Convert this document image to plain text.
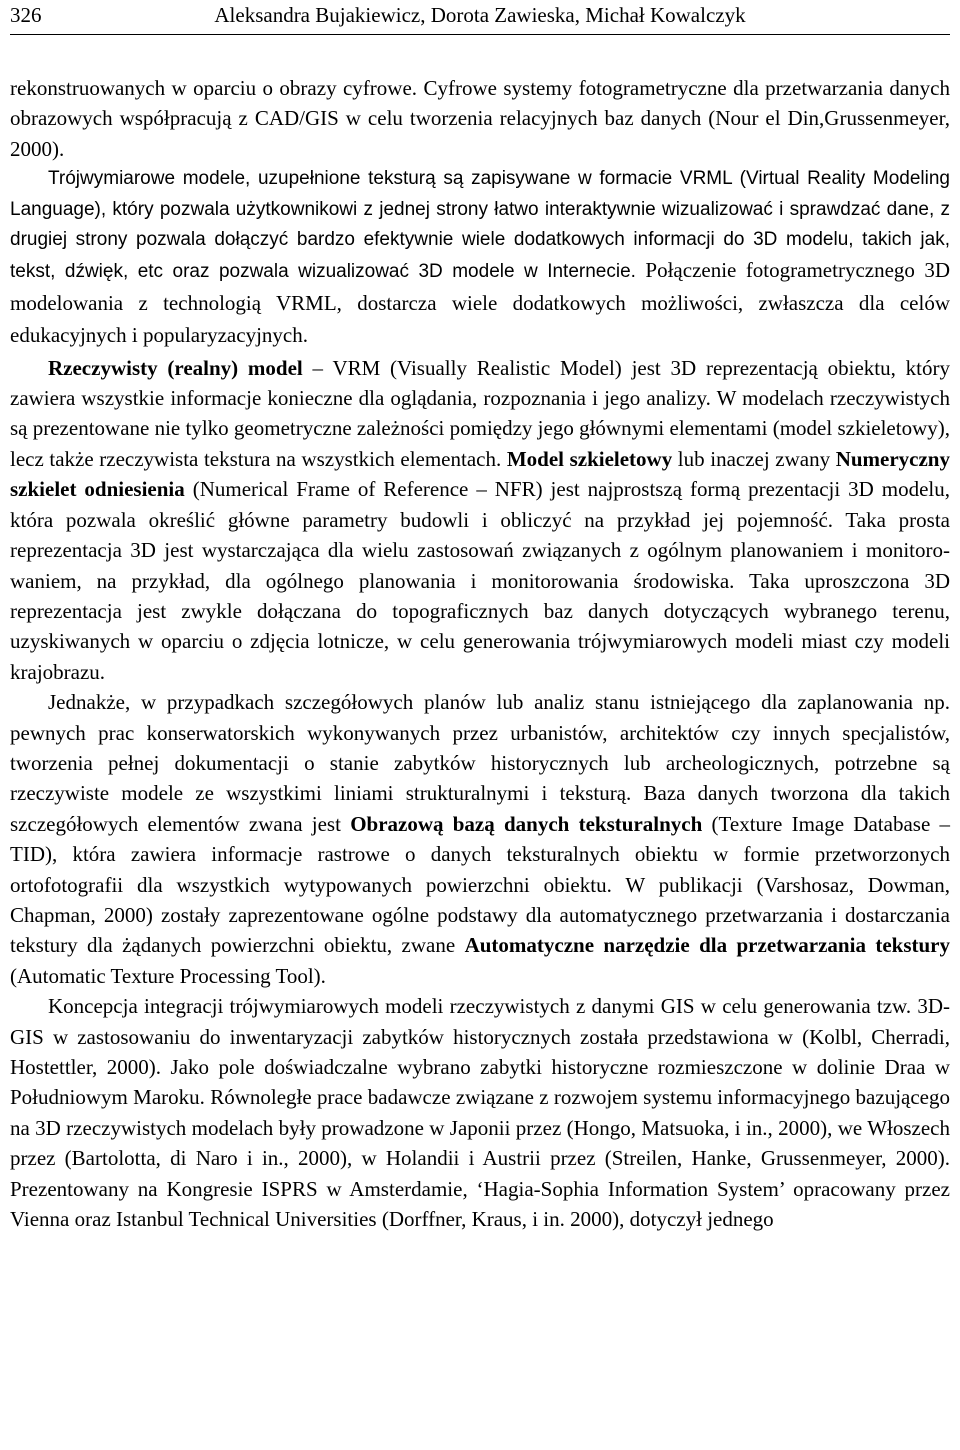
326	Aleksandra Bujakiewicz, Dorota Zawieska, Michał Kowalczyk

rekonstruowanych w oparciu o obrazy cyfrowe. Cyfrowe systemy fotogrametryczne dla przetwarzania danych obrazowych współpracują z CAD/GIS w celu tworzenia relacyjnych baz danych (Nour el Din,Grussenmeyer, 2000).

Trójwymiarowe modele, uzupełnione teksturą są zapisywane w formacie VRML (Virtual Reality Modeling Language), który pozwala użytkownikowi z jednej strony łatwo interaktywnie wizualizować i sprawdzać dane, z drugiej strony pozwala dołączyć bardzo efektywnie wiele dodatkowych informacji do 3D modelu, takich jak, tekst, dźwięk, etc oraz pozwala wizualizować 3D modele w Internecie. Połączenie fotogrametrycznego 3D modelowania z technologią VRML, dostarcza wiele dodatkowych możliwości, zwłaszcza dla celów edukacyjnych i popularyzacyjnych.

Rzeczywisty (realny) model – VRM (Visually Realistic Model) jest 3D reprezentacją obiektu, który zawiera wszystkie informacje konieczne dla oglądania, rozpoznania i jego analizy. W modelach rzeczywistych są prezentowane nie tylko geometryczne zależności pomiędzy jego głównymi elementami (model szkieletowy), lecz także rzeczywista tekstura na wszystkich elementach. Model szkieletowy lub inaczej zwany Numeryczny szkielet odniesienia (Numerical Frame of Reference – NFR) jest najprostszą formą prezentacji 3D modelu, która pozwala określić główne parametry budowli i obliczyć na przykład jej pojemność. Taka prosta reprezentacja 3D jest wystarczająca dla wielu zastosowań związanych z ogólnym planowaniem i monitorowaniem, na przykład, dla ogólnego planowania i monitorowania środowiska. Taka uproszczona 3D reprezentacja jest zwykle dołączana do topograficznych baz danych dotyczących wybranego terenu, uzyskiwanych w oparciu o zdjęcia lotnicze, w celu generowania trójwymiarowych modeli miast czy modeli krajobrazu.

Jednakże, w przypadkach szczegółowych planów lub analiz stanu istniejącego dla zaplanowania np. pewnych prac konserwatorskich wykonywanych przez urbanistów, architektów czy innych specjalistów, tworzenia pełnej dokumentacji o stanie zabytków historycznych lub archeologicznych, potrzebne są rzeczywiste modele ze wszystkimi liniami strukturalnymi i teksturą. Baza danych tworzona dla takich szczegółowych elementów zwana jest Obrazową bazą danych teksturalnych (Texture Image Database – TID), która zawiera informacje rastrowe o danych teksturalnych obiektu w formie przetworzonych ortofotografii dla wszystkich wytypowanych powierzchni obiektu. W publikacji (Varshosaz, Dowman, Chapman, 2000) zostały zaprezentowane ogólne podstawy dla automatycznego przetwarzania i dostarczania tekstury dla żądanych powierzchni obiektu, zwane Automatyczne narzędzie dla przetwarzania tekstury (Automatic Texture Processing Tool).

Koncepcja integracji trójwymiarowych modeli rzeczywistych z danymi GIS w celu generowania tzw. 3D-GIS w zastosowaniu do inwentaryzacji zabytków historycznych została przedstawiona w (Kolbl, Cherradi, Hostettler, 2000). Jako pole doświadczalne wybrano zabytki historyczne rozmieszczone w dolinie Draa w Południowym Maroku. Równoległe prace badawcze związane z rozwojem systemu informacyjnego bazującego na 3D rzeczywistych modelach były prowadzone w Japonii przez (Hongo, Matsuoka, i in., 2000), we Włoszech przez (Bartolotta, di Naro i in., 2000), w Holandii i Austrii przez (Streilen, Hanke, Grussenmeyer, 2000). Prezentowany na Kongresie ISPRS w Amsterdamie, ‘Hagia-Sophia Information System’ opracowany przez Vienna oraz Istanbul Technical Universities (Dorffner, Kraus, i in. 2000), dotyczył jednego
